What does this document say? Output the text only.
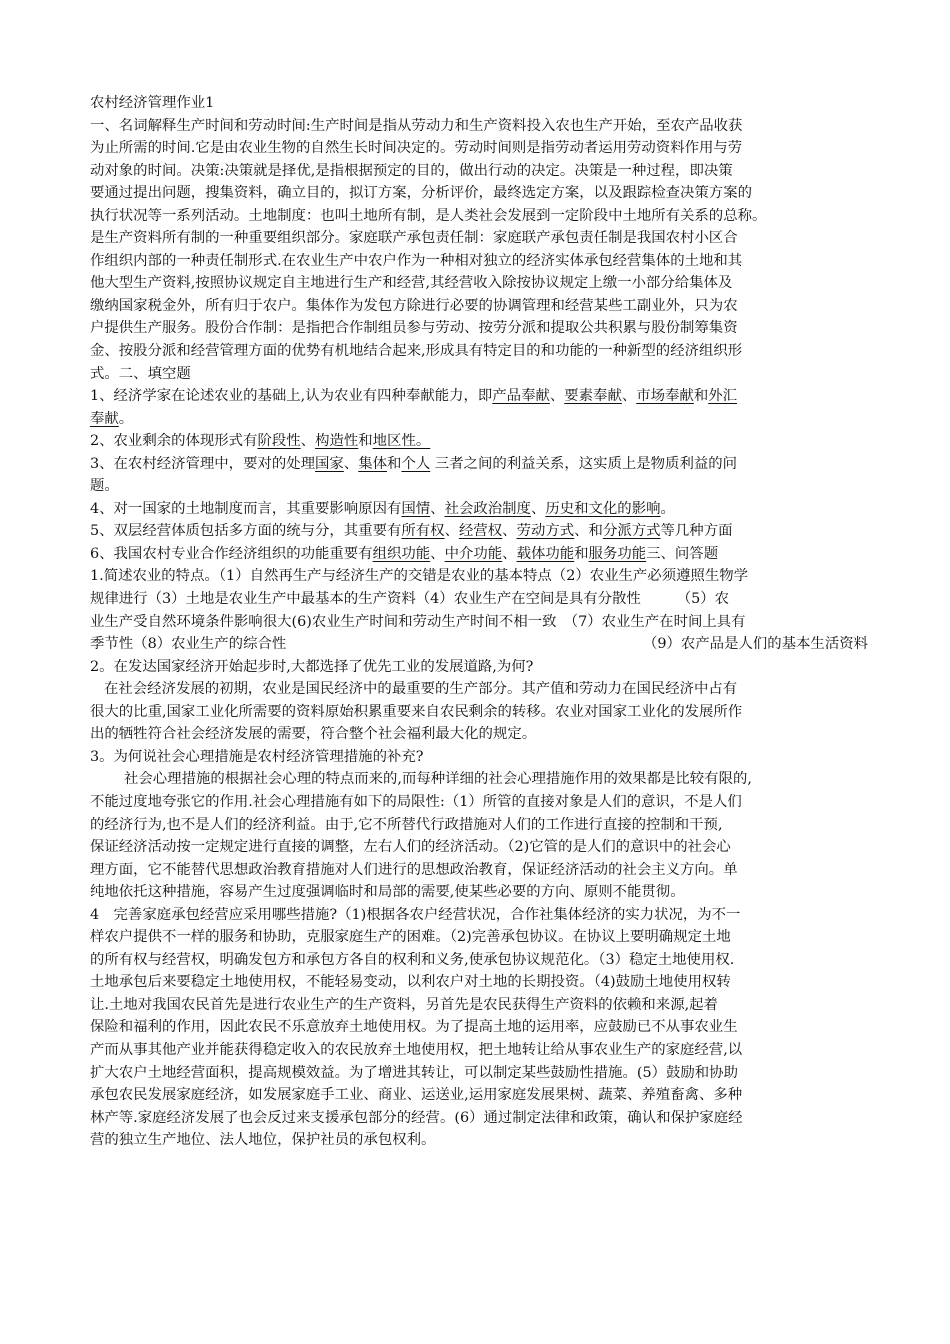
农村经济管理作业1
一、名词解释生产时间和劳动时间:生产时间是指从劳动力和生产资料投入农也生产开始，至农产品收获
为止所需的时间.它是由农业生物的自然生长时间决定的。劳动时间则是指劳动者运用劳动资料作用与劳
动对象的时间。决策:决策就是择优,是指根据预定的目的，做出行动的决定。决策是一种过程，即决策
要通过提出问题，搜集资料，确立目的，拟订方案，分析评价，最终选定方案，以及跟踪检查决策方案的
执行状况等一系列活动。土地制度：也叫土地所有制，是人类社会发展到一定阶段中土地所有关系的总称。
是生产资料所有制的一种重要组织部分。家庭联产承包责任制：家庭联产承包责任制是我国农村小区合
作组织内部的一种责任制形式.在农业生产中农户作为一种相对独立的经济实体承包经营集体的土地和其
他大型生产资料,按照协议规定自主地进行生产和经营,其经营收入除按协议规定上缴一小部分给集体及
缴纳国家税金外，所有归于农户。集体作为发包方除进行必要的协调管理和经营某些工副业外，只为农
户提供生产服务。股份合作制：是指把合作制组员参与劳动、按劳分派和提取公共积累与股份制筹集资
金、按股分派和经营管理方面的优势有机地结合起来,形成具有特定目的和功能的一种新型的经济组织形
式。二、填空题
1、经济学家在论述农业的基础上,认为农业有四种奉献能力，即产品奉献、要素奉献、市场奉献和外汇
奉献。
2、农业剩余的体现形式有阶段性、构造性和地区性。
3、在农村经济管理中，要对的处理国家、集体和个人 三者之间的利益关系，这实质上是物质利益的问
题。
4、对一国家的土地制度而言，其重要影响原因有国情、社会政治制度、历史和文化的影响。
5、双层经营体质包括多方面的统与分，其重要有所有权、经营权、劳动方式、和分派方式等几种方面
6、我国农村专业合作经济组织的功能重要有组织功能、中介功能、载体功能和服务功能三、问答题
1.简述农业的特点。（1）自然再生产与经济生产的交错是农业的基本特点（2）农业生产必须遵照生物学
规律进行（3）土地是农业生产中最基本的生产资料（4）农业生产在空间是具有分散性　　　（5）农
业生产受自然环境条件影响很大(6)农业生产时间和劳动生产时间不相一致　（7）农业生产在时间上具有
季节性（8）农业生产的综合性	（9）农产品是人们的基本生活资料
2。在发达国家经济开始起步时,大都选择了优先工业的发展道路,为何?
在社会经济发展的初期，农业是国民经济中的最重要的生产部分。其产值和劳动力在国民经济中占有
很大的比重,国家工业化所需要的资料原始积累重要来自农民剩余的转移。农业对国家工业化的发展所作
出的牺牲符合社会经济发展的需要，符合整个社会福利最大化的规定。
3。为何说社会心理措施是农村经济管理措施的补充?
社会心理措施的根据社会心理的特点而来的,而每种详细的社会心理措施作用的效果都是比较有限的,
不能过度地夸张它的作用.社会心理措施有如下的局限性:（1）所管的直接对象是人们的意识，不是人们
的经济行为,也不是人们的经济利益。由于,它不所替代行政措施对人们的工作进行直接的控制和干预,
保证经济活动按一定规定进行直接的调整，左右人们的经济活动。（2)它管的是人们的意识中的社会心
理方面，它不能替代思想政治教育措施对人们进行的思想政治教育，保证经济活动的社会主义方向。单
纯地依托这种措施，容易产生过度强调临时和局部的需要,使某些必要的方向、原则不能贯彻。
4　完善家庭承包经营应采用哪些措施?（1)根据各农户经营状况，合作社集体经济的实力状况，为不一
样农户提供不一样的服务和协助，克服家庭生产的困难。（2)完善承包协议。在协议上要明确规定土地
的所有权与经营权，明确发包方和承包方各自的权利和义务,使承包协议规范化。（3）稳定土地使用权.
土地承包后来要稳定土地使用权，不能轻易变动，以利农户对土地的长期投资。（4)鼓励土地使用权转
让.土地对我国农民首先是进行农业生产的生产资料，另首先是农民获得生产资料的依赖和来源,起着
保险和福利的作用，因此农民不乐意放弃土地使用权。为了提高土地的运用率，应鼓励已不从事农业生
产而从事其他产业并能获得稳定收入的农民放弃土地使用权，把土地转让给从事农业生产的家庭经营,以
扩大农户土地经营面积，提高规模效益。为了增进其转让，可以制定某些鼓励性措施。(5）鼓励和协助
承包农民发展家庭经济，如发展家庭手工业、商业、运送业,运用家庭发展果树、蔬菜、养殖畜禽、多种
林产等.家庭经济发展了也会反过来支援承包部分的经营。(6）通过制定法律和政策，确认和保护家庭经
营的独立生产地位、法人地位，保护社员的承包权利。
